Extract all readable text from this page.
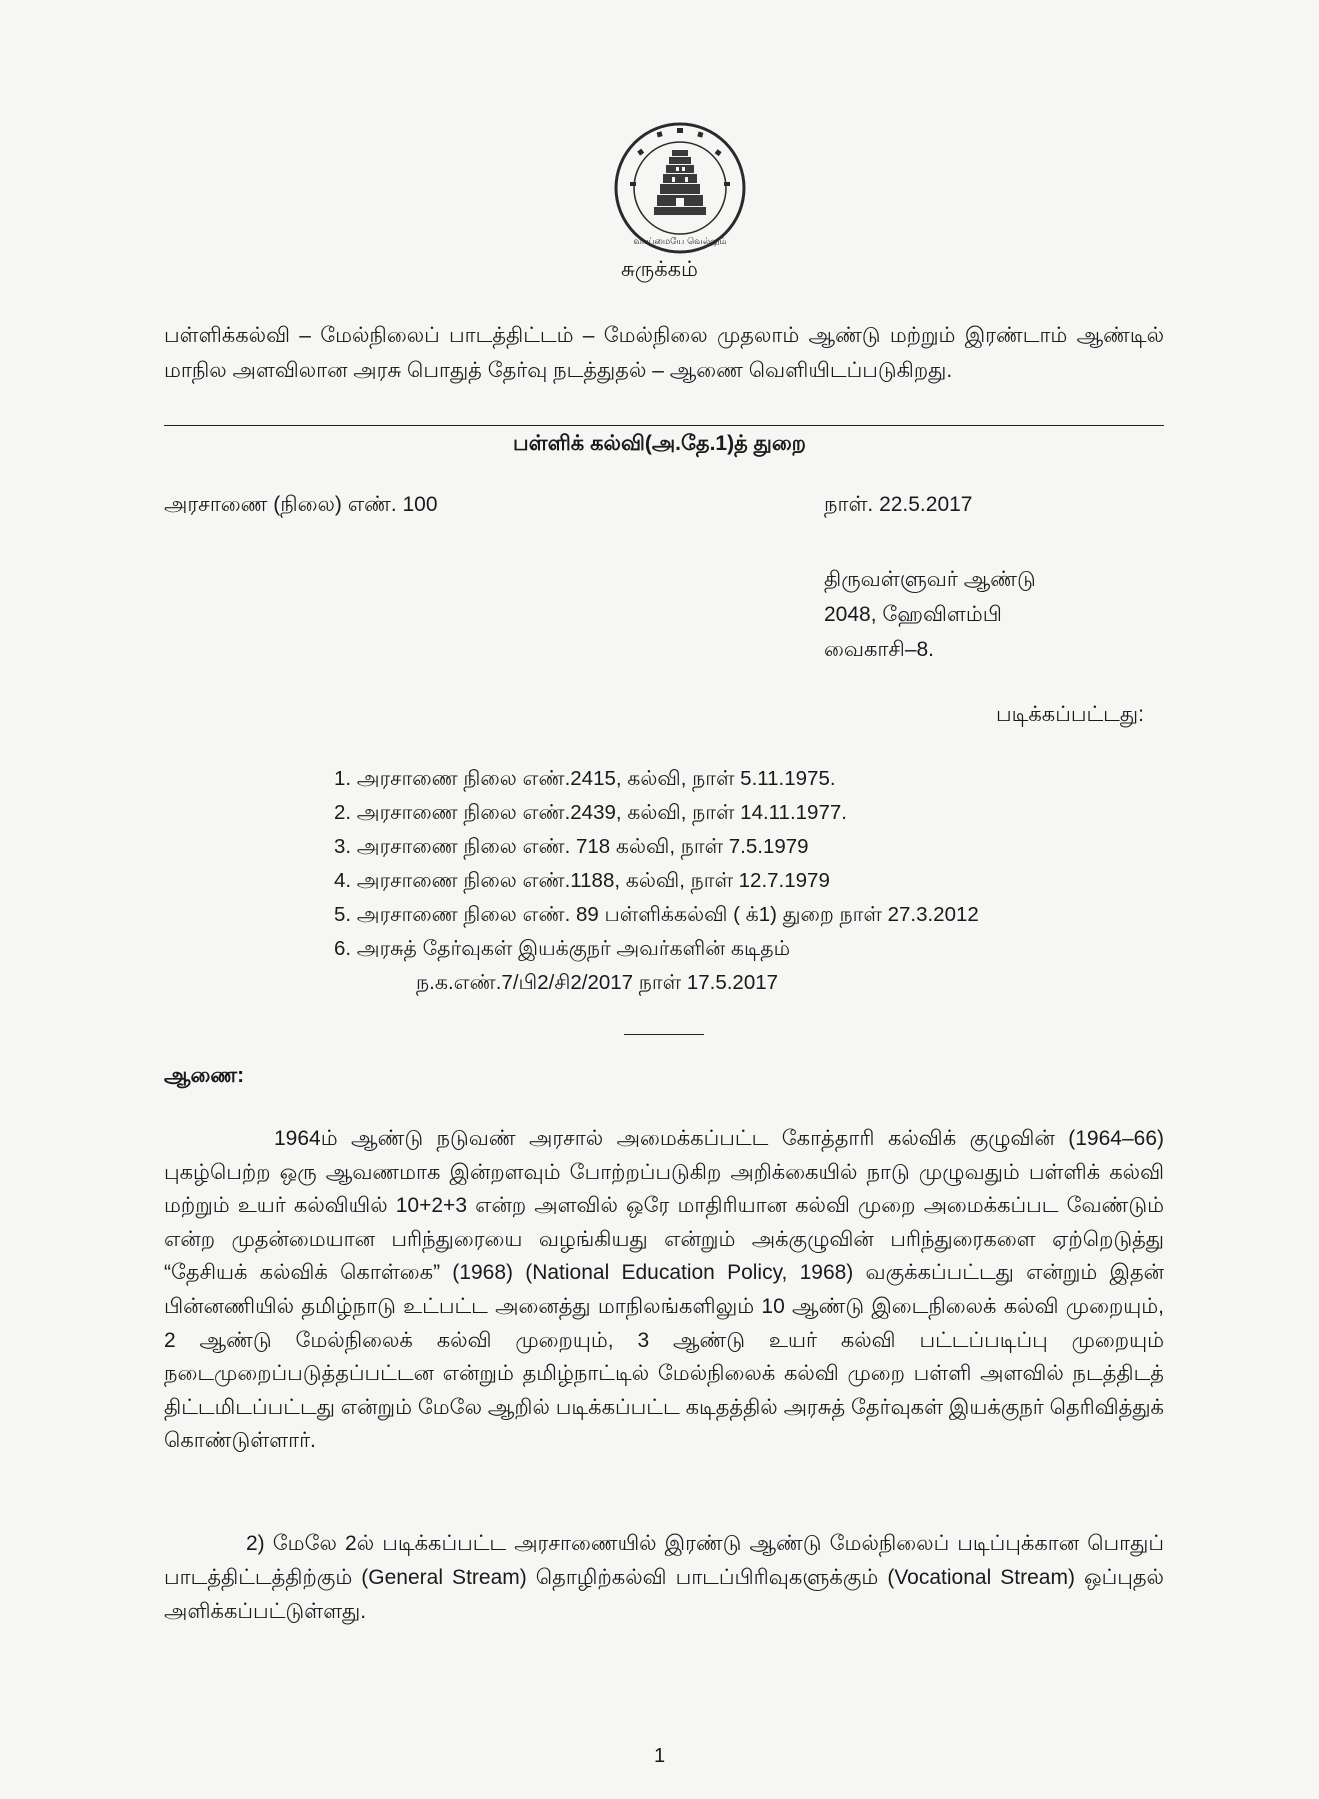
வாய்மையே வெல்லும்
சுருக்கம்
பள்ளிக்கல்வி – மேல்நிலைப் பாடத்திட்டம் – மேல்நிலை முதலாம் ஆண்டு மற்றும் இரண்டாம் ஆண்டில் மாநில அளவிலான அரசு பொதுத் தேர்வு நடத்துதல் – ஆணை வெளியிடப்படுகிறது.
பள்ளிக் கல்வி(அ.தே.1)த் துறை
அரசாணை (நிலை) எண். 100	நாள். 22.5.2017
திருவள்ளுவர் ஆண்டு
2048, ஹேவிளம்பி
வைகாசி–8.
படிக்கப்பட்டது:
1. அரசாணை நிலை எண்.2415, கல்வி, நாள் 5.11.1975.
2. அரசாணை நிலை எண்.2439, கல்வி, நாள் 14.11.1977.
3. அரசாணை நிலை எண். 718 கல்வி, நாள் 7.5.1979
4. அரசாணை நிலை எண்.1188, கல்வி, நாள் 12.7.1979
5. அரசாணை நிலை எண். 89 பள்ளிக்கல்வி ( க்1) துறை நாள் 27.3.2012
6. அரசுத் தேர்வுகள் இயக்குநர் அவர்களின் கடிதம்
ந.க.எண்.7/பி2/சி2/2017 நாள் 17.5.2017
ஆணை:
1964ம் ஆண்டு நடுவண் அரசால் அமைக்கப்பட்ட கோத்தாரி கல்விக் குழுவின் (1964–66) புகழ்பெற்ற ஒரு ஆவணமாக இன்றளவும் போற்றப்படுகிற அறிக்கையில் நாடு முழுவதும் பள்ளிக் கல்வி மற்றும் உயர் கல்வியில் 10+2+3 என்ற அளவில் ஒரே மாதிரியான கல்வி முறை அமைக்கப்பட வேண்டும் என்ற முதன்மையான பரிந்துரையை வழங்கியது என்றும் அக்குழுவின் பரிந்துரைகளை ஏற்றெடுத்து “தேசியக் கல்விக் கொள்கை” (1968) (National Education Policy, 1968) வகுக்கப்பட்டது என்றும் இதன் பின்னணியில் தமிழ்நாடு உட்பட்ட அனைத்து மாநிலங்களிலும் 10 ஆண்டு இடைநிலைக் கல்வி முறையும், 2 ஆண்டு மேல்நிலைக் கல்வி முறையும், 3 ஆண்டு உயர் கல்வி பட்டப்படிப்பு முறையும் நடைமுறைப்படுத்தப்பட்டன என்றும் தமிழ்நாட்டில் மேல்நிலைக் கல்வி முறை பள்ளி அளவில் நடத்திடத் திட்டமிடப்பட்டது என்றும் மேலே ஆறில் படிக்கப்பட்ட கடிதத்தில் அரசுத் தேர்வுகள் இயக்குநர் தெரிவித்துக் கொண்டுள்ளார்.
2) மேலே 2ல் படிக்கப்பட்ட அரசாணையில் இரண்டு ஆண்டு மேல்நிலைப் படிப்புக்கான பொதுப் பாடத்திட்டத்திற்கும் (General Stream) தொழிற்கல்வி பாடப்பிரிவுகளுக்கும் (Vocational Stream) ஒப்புதல் அளிக்கப்பட்டுள்ளது.
1
